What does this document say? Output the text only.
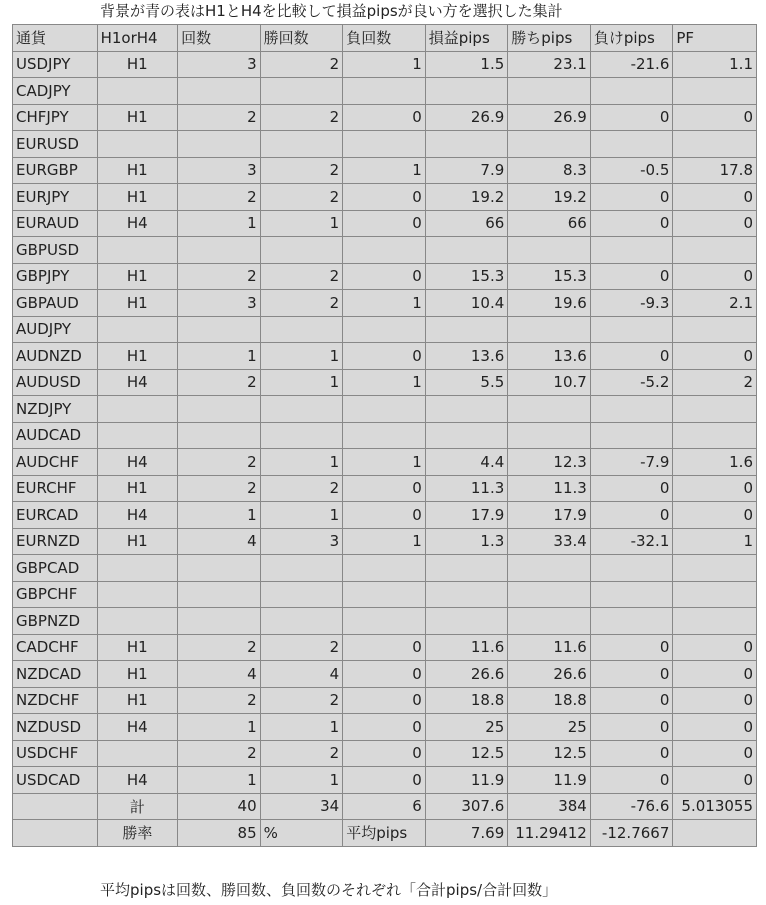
背景が青の表はH1とH4を比較して損益pipsが良い方を選択した集計
通貨	H1orH4	回数	勝回数	負回数	損益pips	勝ちpips	負けpips	PF
USDJPY	H1	3	2	1	1.5	23.1	-21.6	1.1
CADJPY								
CHFJPY	H1	2	2	0	26.9	26.9	0	0
EURUSD								
EURGBP	H1	3	2	1	7.9	8.3	-0.5	17.8
EURJPY	H1	2	2	0	19.2	19.2	0	0
EURAUD	H4	1	1	0	66	66	0	0
GBPUSD								
GBPJPY	H1	2	2	0	15.3	15.3	0	0
GBPAUD	H1	3	2	1	10.4	19.6	-9.3	2.1
AUDJPY								
AUDNZD	H1	1	1	0	13.6	13.6	0	0
AUDUSD	H4	2	1	1	5.5	10.7	-5.2	2
NZDJPY								
AUDCAD								
AUDCHF	H4	2	1	1	4.4	12.3	-7.9	1.6
EURCHF	H1	2	2	0	11.3	11.3	0	0
EURCAD	H4	1	1	0	17.9	17.9	0	0
EURNZD	H1	4	3	1	1.3	33.4	-32.1	1
GBPCAD								
GBPCHF								
GBPNZD								
CADCHF	H1	2	2	0	11.6	11.6	0	0
NZDCAD	H1	4	4	0	26.6	26.6	0	0
NZDCHF	H1	2	2	0	18.8	18.8	0	0
NZDUSD	H4	1	1	0	25	25	0	0
USDCHF		2	2	0	12.5	12.5	0	0
USDCAD	H4	1	1	0	11.9	11.9	0	0
	計	40	34	6	307.6	384	-76.6	5.013055
	勝率	85	%	平均pips	7.69	11.29412	-12.7667	
平均pipsは回数、勝回数、負回数のそれぞれ「合計pips/合計回数」
